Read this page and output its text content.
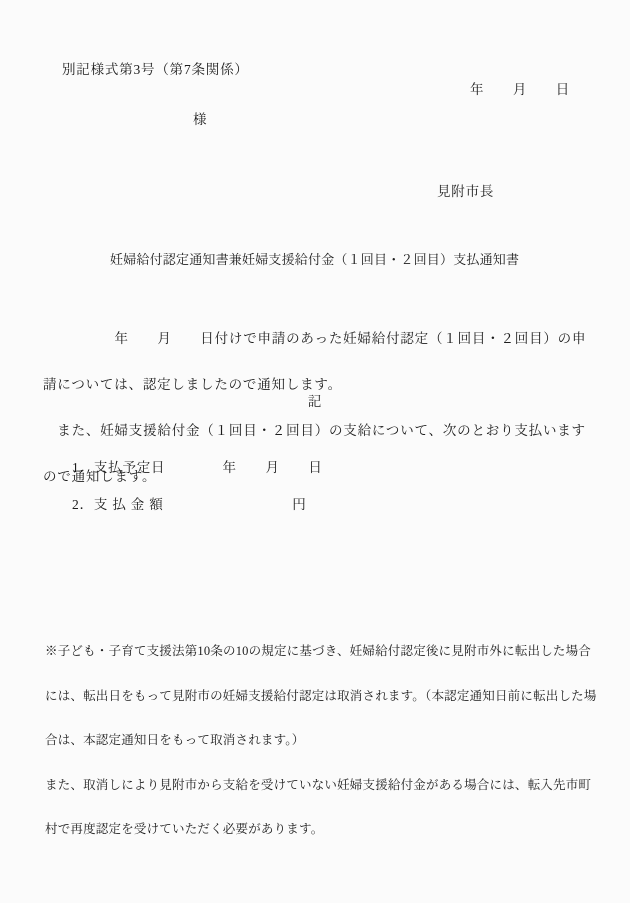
別記様式第3号（第7条関係）
年　　月　　日
様
見附市長
妊婦給付認定通知書兼妊婦支援給付金（１回目・２回目）支払通知書

　　　　　年　　月　　日付けで申請のあった妊婦給付認定（１回目・２回目）の申

請については、認定しましたので通知します。

　また、妊婦支援給付金（１回目・２回目）の支給について、次のとおり支払います

ので通知します。

記
1．支払予定日　　　　年　　月　　日
2．支 払 金 額　　　　　　　　　円

※子ども・子育て支援法第10条の10の規定に基づき、妊婦給付認定後に見附市外に転出した場合

には、転出日をもって見附市の妊婦支援給付認定は取消されます。（本認定通知日前に転出した場

合は、本認定通知日をもって取消されます。）

また、取消しにより見附市から支給を受けていない妊婦支援給付金がある場合には、転入先市町

村で再度認定を受けていただく必要があります。
